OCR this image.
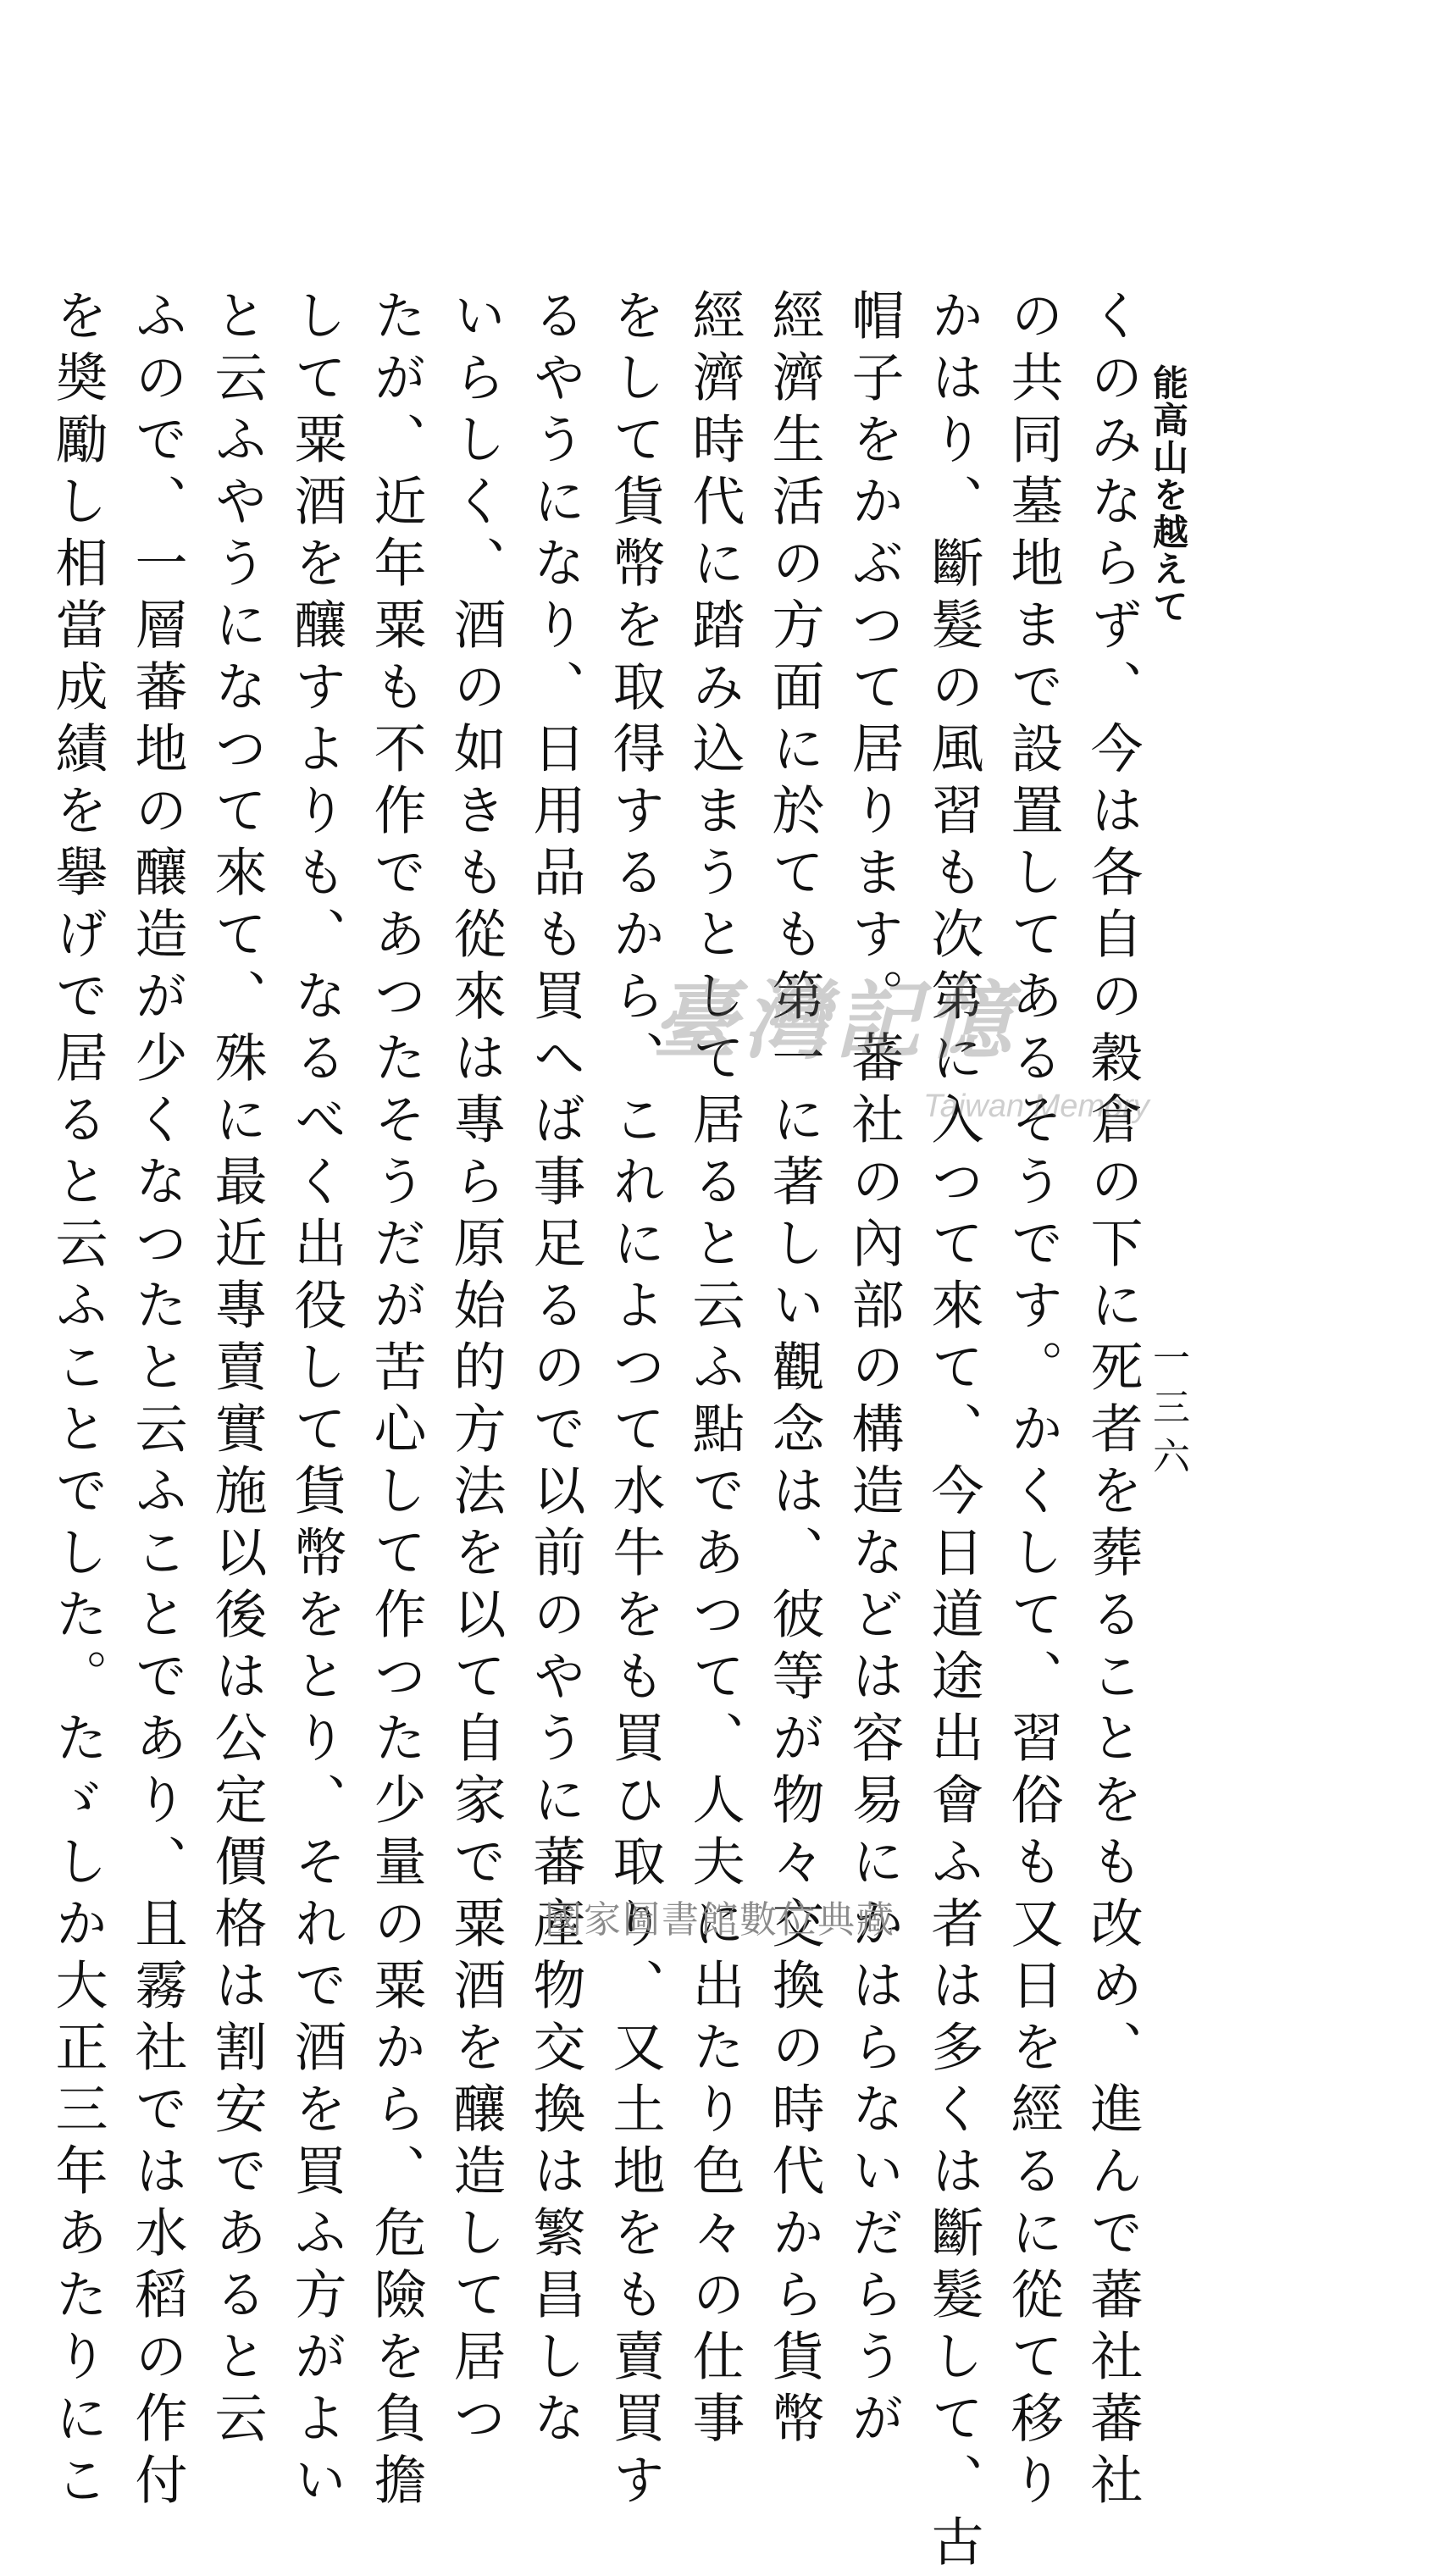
能高山を越えて
一三六
くのみならず、今は各自の穀倉の下に死者を葬ることをも改め、進んで蕃社蕃社
の共同墓地まで設置してあるそうです。かくして、習俗も又日を經るに從て移り
かはり、斷髮の風習も次第に入つて來て、今日道途出會ふ者は多くは斷髮して、古
帽子をかぶつて居ります。蕃社の內部の構造などは容易にかはらないだらうが
經濟生活の方面に於ても第一に著しい觀念は、彼等が物々交換の時代から貨幣
經濟時代に踏み込まうとして居ると云ふ點であつて、人夫に出たり色々の仕事
をして貨幣を取得するから、これによつて水牛をも買ひ取り、又土地をも賣買す
るやうになり、日用品も買へば事足るので以前のやうに蕃產物交換は繁昌しな
いらしく、酒の如きも從來は專ら原始的方法を以て自家で粟酒を釀造して居つ
たが、近年粟も不作であつたそうだが苦心して作つた少量の粟から、危險を負擔
して粟酒を釀すよりも、なるべく出役して貨幣をとり、それで酒を買ふ方がよい
と云ふやうになつて來て、殊に最近專賣實施以後は公定價格は割安であると云
ふので、一層蕃地の釀造が少くなつたと云ふことであり、且霧社では水稻の作付
を奬勵し相當成績を擧げで居ると云ふことでした。たゞしか大正三年あたりにこ	臺灣記憶
Taiwan Memory
國家圖書館數位典藏
